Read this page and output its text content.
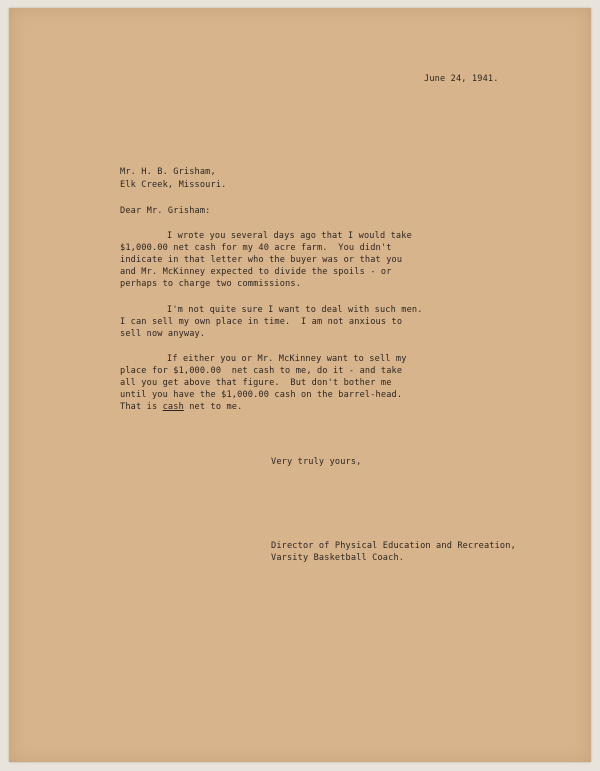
June 24, 1941.
Mr. H. B. Grisham,
Elk Creek, Missouri.
Dear Mr. Grisham:
I wrote you several days ago that I would take
$1,000.00 net cash for my 40 acre farm.  You didn't
indicate in that letter who the buyer was or that you
and Mr. McKinney expected to divide the spoils - or
perhaps to charge two commissions.
I'm not quite sure I want to deal with such men.
I can sell my own place in time.  I am not anxious to
sell now anyway.
If either you or Mr. McKinney want to sell my
place for $1,000.00  net cash to me, do it - and take
all you get above that figure.  But don't bother me
until you have the $1,000.00 cash on the barrel-head.
That is cash net to me.
Very truly yours,
Director of Physical Education and Recreation,
Varsity Basketball Coach.
